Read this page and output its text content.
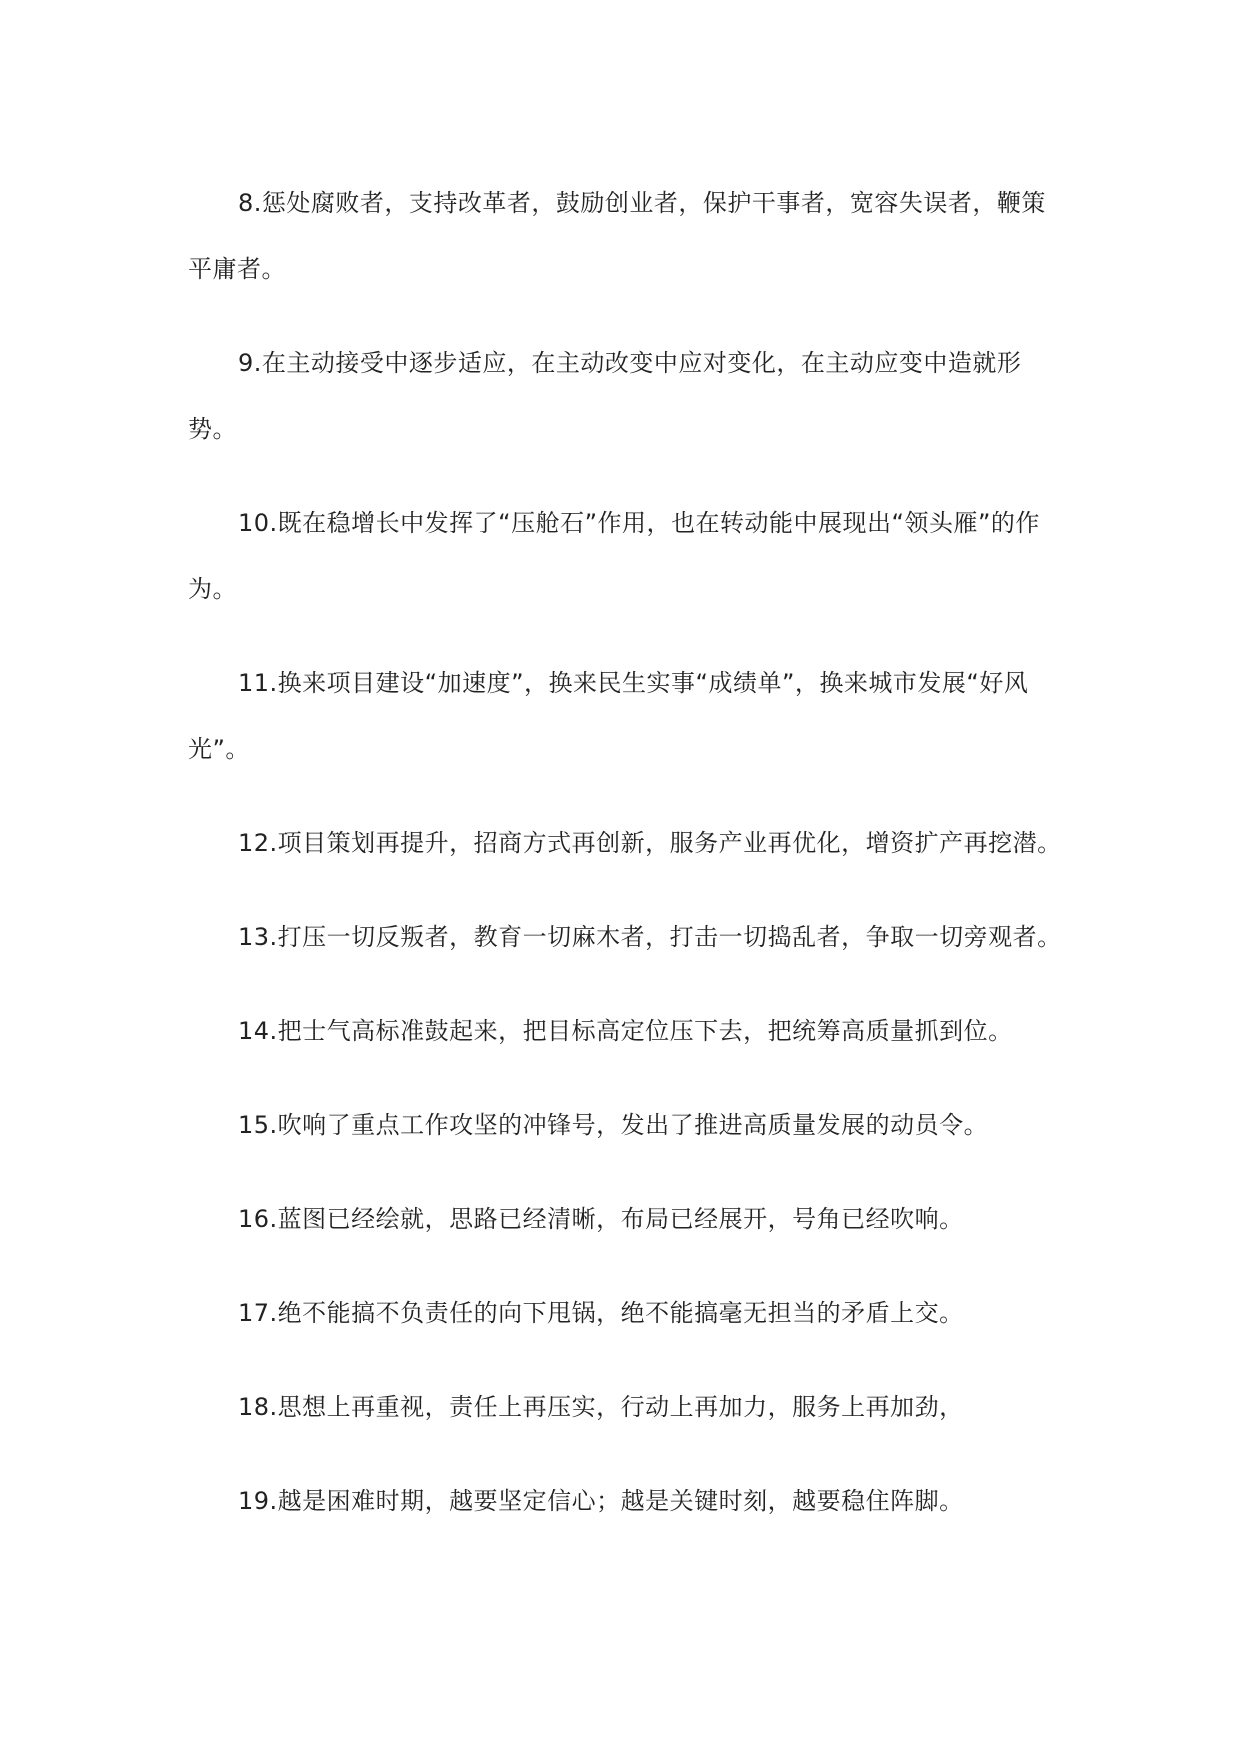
8.惩处腐败者，支持改革者，鼓励创业者，保护干事者，宽容失误者，鞭策平庸者。

9.在主动接受中逐步适应，在主动改变中应对变化，在主动应变中造就形势。

10.既在稳增长中发挥了“压舱石”作用，也在转动能中展现出“领头雁”的作为。

11.换来项目建设“加速度”，换来民生实事“成绩单”，换来城市发展“好风光”。

12.项目策划再提升，招商方式再创新，服务产业再优化，增资扩产再挖潜。

13.打压一切反叛者，教育一切麻木者，打击一切捣乱者，争取一切旁观者。

14.把士气高标准鼓起来，把目标高定位压下去，把统筹高质量抓到位。

15.吹响了重点工作攻坚的冲锋号，发出了推进高质量发展的动员令。

16.蓝图已经绘就，思路已经清晰，布局已经展开，号角已经吹响。

17.绝不能搞不负责任的向下甩锅，绝不能搞毫无担当的矛盾上交。

18.思想上再重视，责任上再压实，行动上再加力，服务上再加劲，

19.越是困难时期，越要坚定信心；越是关键时刻，越要稳住阵脚。
